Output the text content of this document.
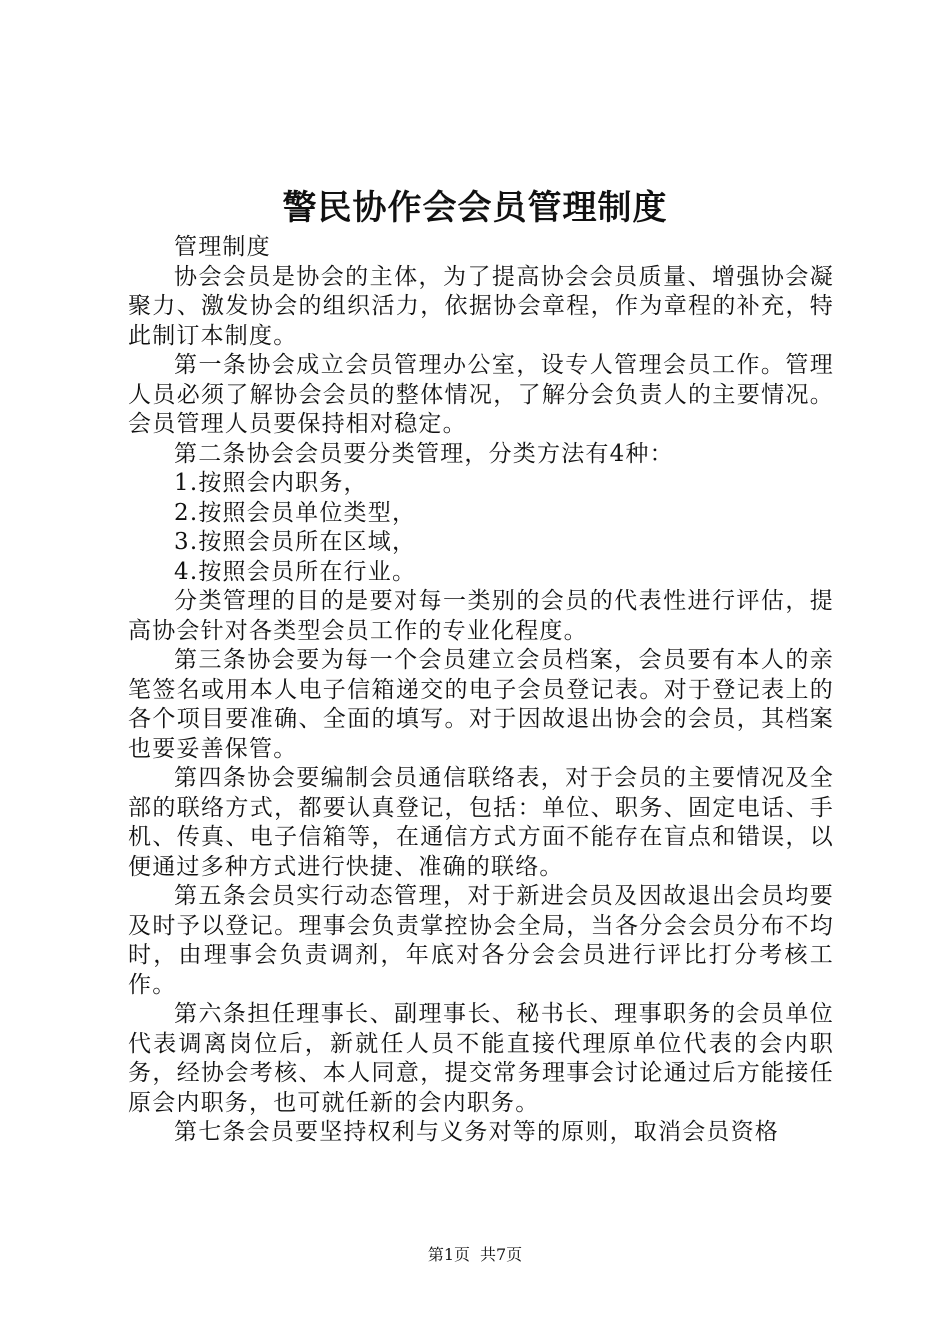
警民协作会会员管理制度

管理制度

协会会员是协会的主体，为了提高协会会员质量、增强协会凝聚力、激发协会的组织活力，依据协会章程，作为章程的补充，特此制订本制度。

第一条协会成立会员管理办公室，设专人管理会员工作。管理人员必须了解协会会员的整体情况，了解分会负责人的主要情况。会员管理人员要保持相对稳定。

第二条协会会员要分类管理，分类方法有4种：

1.按照会内职务，

2.按照会员单位类型，

3.按照会员所在区域，

4.按照会员所在行业。

分类管理的目的是要对每一类别的会员的代表性进行评估，提高协会针对各类型会员工作的专业化程度。

第三条协会要为每一个会员建立会员档案，会员要有本人的亲笔签名或用本人电子信箱递交的电子会员登记表。对于登记表上的各个项目要准确、全面的填写。对于因故退出协会的会员，其档案也要妥善保管。

第四条协会要编制会员通信联络表，对于会员的主要情况及全部的联络方式，都要认真登记，包括：单位、职务、固定电话、手机、传真、电子信箱等，在通信方式方面不能存在盲点和错误，以便通过多种方式进行快捷、准确的联络。

第五条会员实行动态管理，对于新进会员及因故退出会员均要及时予以登记。理事会负责掌控协会全局，当各分会会员分布不均时，由理事会负责调剂，年底对各分会会员进行评比打分考核工作。

第六条担任理事长、副理事长、秘书长、理事职务的会员单位代表调离岗位后，新就任人员不能直接代理原单位代表的会内职务，经协会考核、本人同意，提交常务理事会讨论通过后方能接任原会内职务，也可就任新的会内职务。

第七条会员要坚持权利与义务对等的原则，取消会员资格

第1页 共7页
